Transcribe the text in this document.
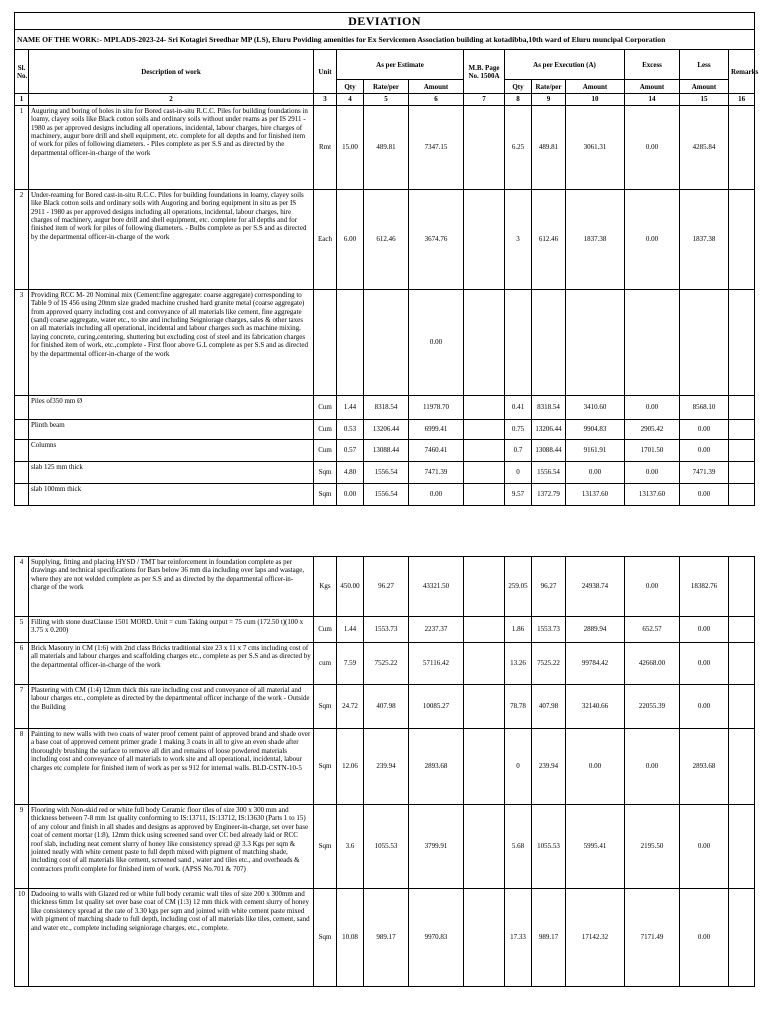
DEVIATION												
NAME OF THE WORK:- MPLADS-2023-24- Sri Kotagiri Sreedhar MP (LS), Eluru Poviding amenities for Ex Servicemen Association building at kotadibba,10th ward of Eluru muncipal Corporation												
Sl. No.	Description of work	Unit	As per Estimate			M.B. Page No. 1500A	As per Execution (A)			Excess	Less	Remarks
			Qty	Rate/per	Amount		Qty	Rate/per	Amount	Amount	Amount	
1	2	3	4	5	6	7	8	9	10	14	15	16
1	Auguring and boring of holes in situ for Bored cast-in-situ R.C.C. Piles for building foundations in loamy, clayey soils like Black cotton soils and ordinary soils without under reams as per IS 2911 - 1980 as per approved designs including all operations, incidental, labour charges, hire charges of machinery, augur bore drill and shell equipment, etc. complete for all depths and for finished item of work for piles of following diameters. - Piles complete as per S.S and as directed by the departmental officer-in-charge of the work	Rmt	15.00	489.81	7347.15		6.25	489.81	3061.31	0.00	4285.84	
2	Under-reaming for Bored cast-in-situ R.C.C. Piles for building foundations in loamy, clayey soils like Black cotton soils and ordinary soils with Augoring and boring equipment in situ as per IS 2911 - 1980 as per approved designs including all operations, incidental, labour charges, hire charges of machinery, augur bore drill and shell equipment, etc. complete for all depths and for finished item of work for piles of following diameters. - Bulbs complete as per S.S and as directed by the departmental officer-in-charge of the work	Each	6.00	612.46	3674.76		3	612.46	1837.38	0.00	1837.38	
3	Providing RCC M- 20 Nominal mix (Cement:fine aggregate: coarse aggregate) corresponding to Table 9 of IS 456 using 20mm size graded machine crushed hard granite metal (coarse aggregate) from approved quarry including cost and conveyance of all materials like cement, fine aggregate (sand) coarse aggregate, water etc., to site and including Seigniorage charges, sales & other taxes on all materials including all operational, incidental and labour charges such as machine mixing, laying concrete, curing,centering, shuttering but excluding cost of steel and its fabrication charges for finished item of work, etc.,complete - First floor above G.L complete as per S.S and as directed by the departmental officer-in-charge of the work				0.00							
	Piles of350 mm Ø	Cum	1.44	8318.54	11978.70		0.41	8318.54	3410.60	0.00	8568.10	
	Plinth beam	Cum	0.53	13206.44	6999.41		0.75	13206.44	9904.83	2905.42	0.00	
	Columns	Cum	0.57	13088.44	7460.41		0.7	13088.44	9161.91	1701.50	0.00	
	slab 125 mm thick	Sqm	4.80	1556.54	7471.39		0	1556.54	0.00	0.00	7471.39	
	slab 100mm thick	Sqm	0.00	1556.54	0.00		9.57	1372.79	13137.60	13137.60	0.00	
4	Supplying, fitting and placing HYSD / TMT bar reinforcement in foundation complete as per drawings and technical specifications for Bars below 36 mm dia including over laps and wastage, where they are not welded complete as per S.S and as directed by the departmental officer-in-charge of the work	Kgs	450.00	96.27	43321.50		259.05	96.27	24938.74	0.00	18382.76	
5	Filling with stone dustClause 1501 MORD. Unit = cum Taking output = 75 cum (172.50 t)(100 x 3.75 x 0.200)	Cum	1.44	1553.73	2237.37		1.86	1553.73	2889.94	652.57	0.00	
6	Brick Masonry in CM (1:6) with 2nd class Bricks traditional size 23 x 11 x 7 cms including cost of all materials and labour charges and scaffolding charges etc., complete as per S.S and as directed by the departmental officer-in-charge of the work	cum	7.59	7525.22	57116.42		13.26	7525.22	99784.42	42668.00	0.00	
7	Plastering with CM (1:4) 12mm thick this rate including cost and conveyance of all material and labour charges etc., complete as directed by the departmental officer incharge of the work - Outside the Building	Sqm	24.72	407.98	10085.27		78.78	407.98	32140.66	22055.39	0.00	
8	Painting to new walls with two coats of water proof cement paint of approved brand and shade over a base coat of approved cement primer grade 1 making 3 coats in all to give an even shade after thoroughly brushing the surface to remove all dirt and remains of loose powdered materials including cost and conveyance of all materials to work site and all operational, incidental, labour charges etc complete for finished item of work as per ss 912 for internal walls. BLD-CSTN-10-5	Sqm	12.06	239.94	2893.68		0	239.94	0.00	0.00	2893.68	
9	Flooring with Non-skid red or white full body Ceramic floor tiles of size 300 x 300 mm and thickness between 7-8 mm 1st quality conforming to IS:13711, IS:13712, IS:13630 (Parts 1 to 15) of any colour and finish in all shades and designs as approved by Engineer-in-charge, set over base coat of cement mortar (1:8), 12mm thick using screened sand over CC bed already laid or RCC roof slab, including neat cement slurry of honey like consistency spread @ 3.3 Kgs per sqm & jointed neatly with white cement paste to full depth mixed with pigment of matching shade, including cost of all materials like cement, screened sand , water and tiles etc., and overheads & contractors profit complete for finished item of work. (APSS No.701 & 707)	Sqm	3.6	1055.53	3799.91		5.68	1055.53	5995.41	2195.50	0.00	
10	Dadooing to walls with Glazed red or white full body ceramic wall tiles of size 200 x 300mm and thickness 6mm 1st quality set over base coat of CM (1:3) 12 mm thick with cement slurry of honey like consistency spread at the rate of 3.30 kgs per sqm and jointed with white cement paste mixed with pigment of matching shade to full depth, including cost of all materials like tiles, cement, sand and water etc., complete including seigniorage charges, etc., complete.	Sqm	10.08	989.17	9970.83		17.33	989.17	17142.32	7171.49	0.00	
